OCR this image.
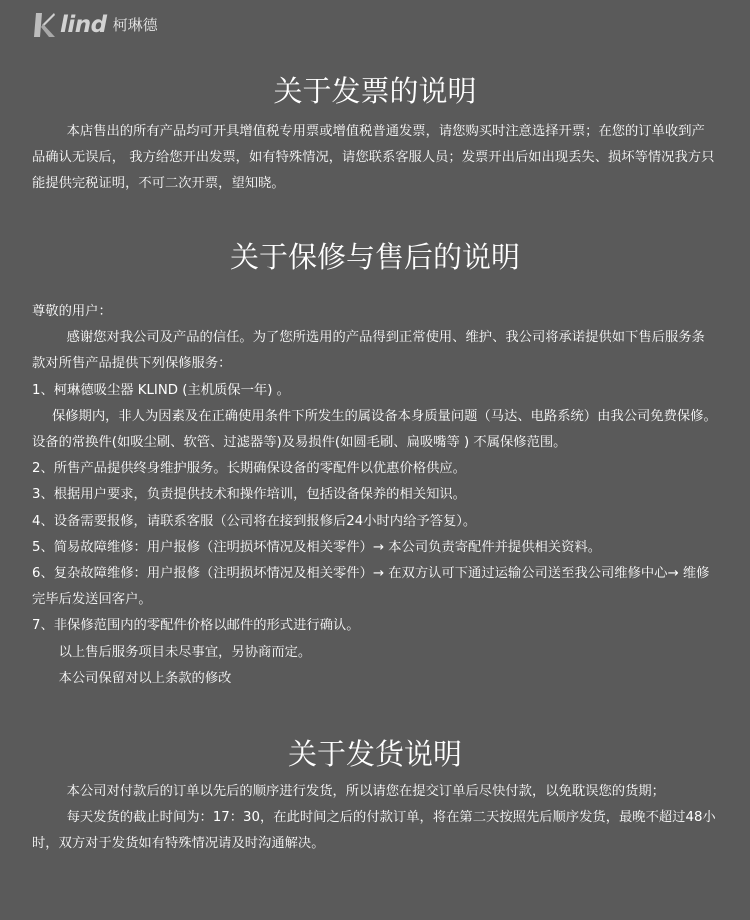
lind 柯琳德
关于发票的说明

本店售出的所有产品均可开具增值税专用票或增值税普通发票，请您购买时注意选择开票；在您的订单收到产品确认无误后， 我方给您开出发票，如有特殊情况，请您联系客服人员；发票开出后如出现丢失、损坏等情况我方只能提供完税证明，不可二次开票，望知晓。

关于保修与售后的说明

尊敬的用户：

感谢您对我公司及产品的信任。为了您所选用的产品得到正常使用、维护、我公司将承诺提供如下售后服务条款对所售产品提供下列保修服务：

1、柯琳德吸尘器 KLIND (主机质保一年) 。

保修期内，非人为因素及在正确使用条件下所发生的属设备本身质量问题（马达、电路系统）由我公司免费保修。设备的常换件(如吸尘刷、软管、过滤器等)及易损件(如圆毛刷、扁吸嘴等 ) 不属保修范围。

2、所售产品提供终身维护服务。长期确保设备的零配件以优惠价格供应。

3、根据用户要求，负责提供技术和操作培训，包括设备保养的相关知识。

4、设备需要报修，请联系客服（公司将在接到报修后24小时内给予答复）。

5、简易故障维修：用户报修（注明损坏情况及相关零件）→ 本公司负责寄配件并提供相关资料。

6、复杂故障维修：用户报修（注明损坏情况及相关零件）→ 在双方认可下通过运输公司送至我公司维修中心→ 维修完毕后发送回客户。

7、非保修范围内的零配件价格以邮件的形式进行确认。

以上售后服务项目未尽事宜，另协商而定。

本公司保留对以上条款的修改

关于发货说明

本公司对付款后的订单以先后的顺序进行发货，所以请您在提交订单后尽快付款，以免耽误您的货期；

每天发货的截止时间为：17：30，在此时间之后的付款订单，将在第二天按照先后顺序发货，最晚不超过48小时，双方对于发货如有特殊情况请及时沟通解决。
